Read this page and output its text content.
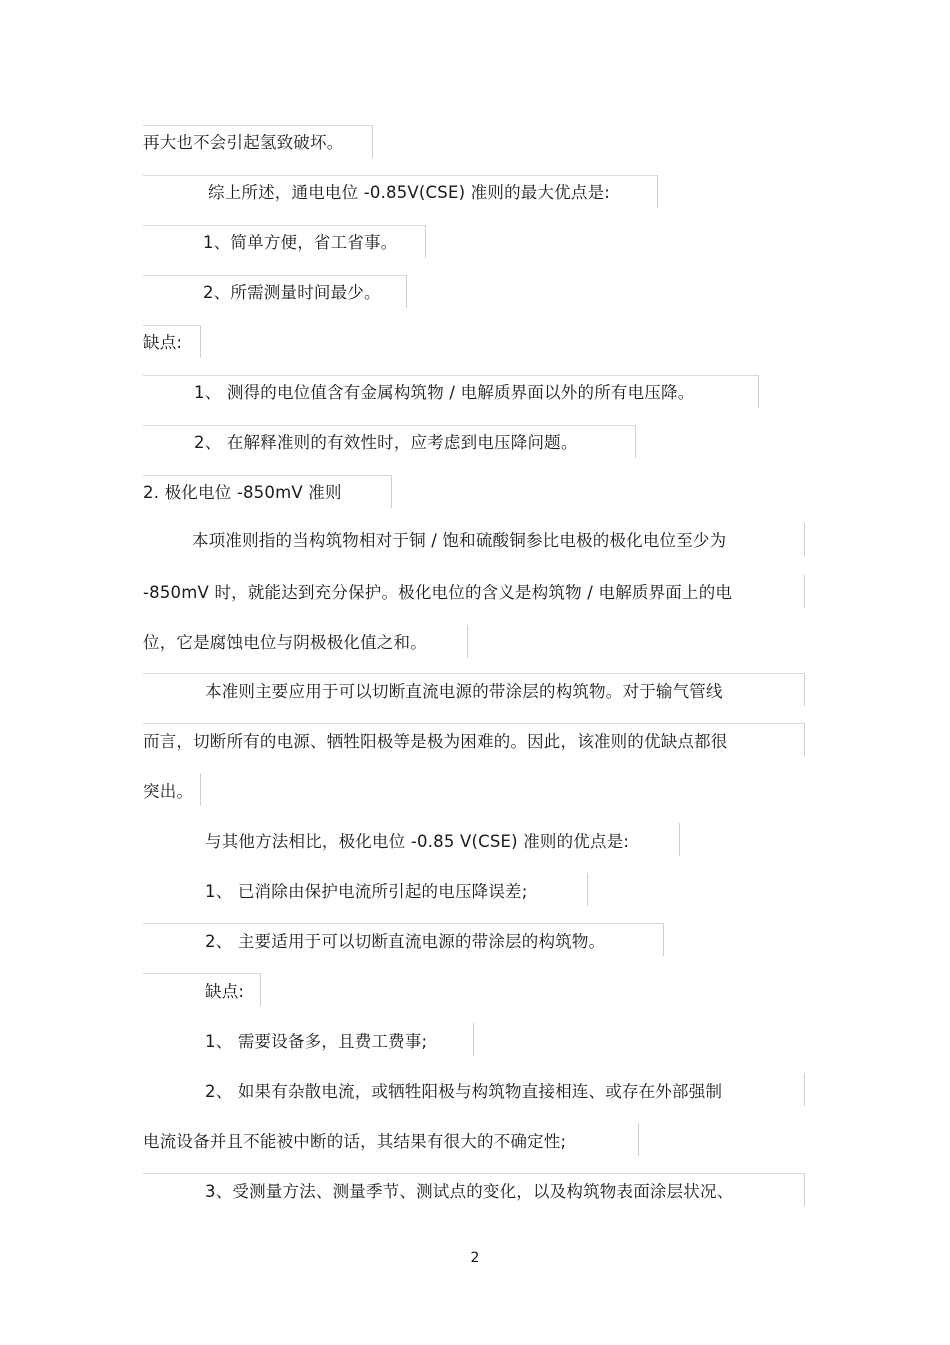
再大也不会引起氢致破坏。
综上所述，通电电位 -0.85V(CSE) 准则的最大优点是:
1、简单方便，省工省事。
2、所需测量时间最少。
缺点:
1、 测得的电位值含有金属构筑物 / 电解质界面以外的所有电压降。
2、 在解释准则的有效性时，应考虑到电压降问题。
2. 极化电位 -850mV 准则
本项准则指的当构筑物相对于铜 / 饱和硫酸铜参比电极的极化电位至少为
-850mV 时，就能达到充分保护。极化电位的含义是构筑物 / 电解质界面上的电
位，它是腐蚀电位与阴极极化值之和。
本准则主要应用于可以切断直流电源的带涂层的构筑物。对于输气管线
而言，切断所有的电源、牺牲阳极等是极为困难的。因此，该准则的优缺点都很
突出。
与其他方法相比，极化电位 -0.85 V(CSE) 准则的优点是:
1、 已消除由保护电流所引起的电压降误差;
2、 主要适用于可以切断直流电源的带涂层的构筑物。
缺点:
1、 需要设备多，且费工费事;
2、 如果有杂散电流，或牺牲阳极与构筑物直接相连、或存在外部强制
电流设备并且不能被中断的话，其结果有很大的不确定性;
3、受测量方法、测量季节、测试点的变化，以及构筑物表面涂层状况、
2
